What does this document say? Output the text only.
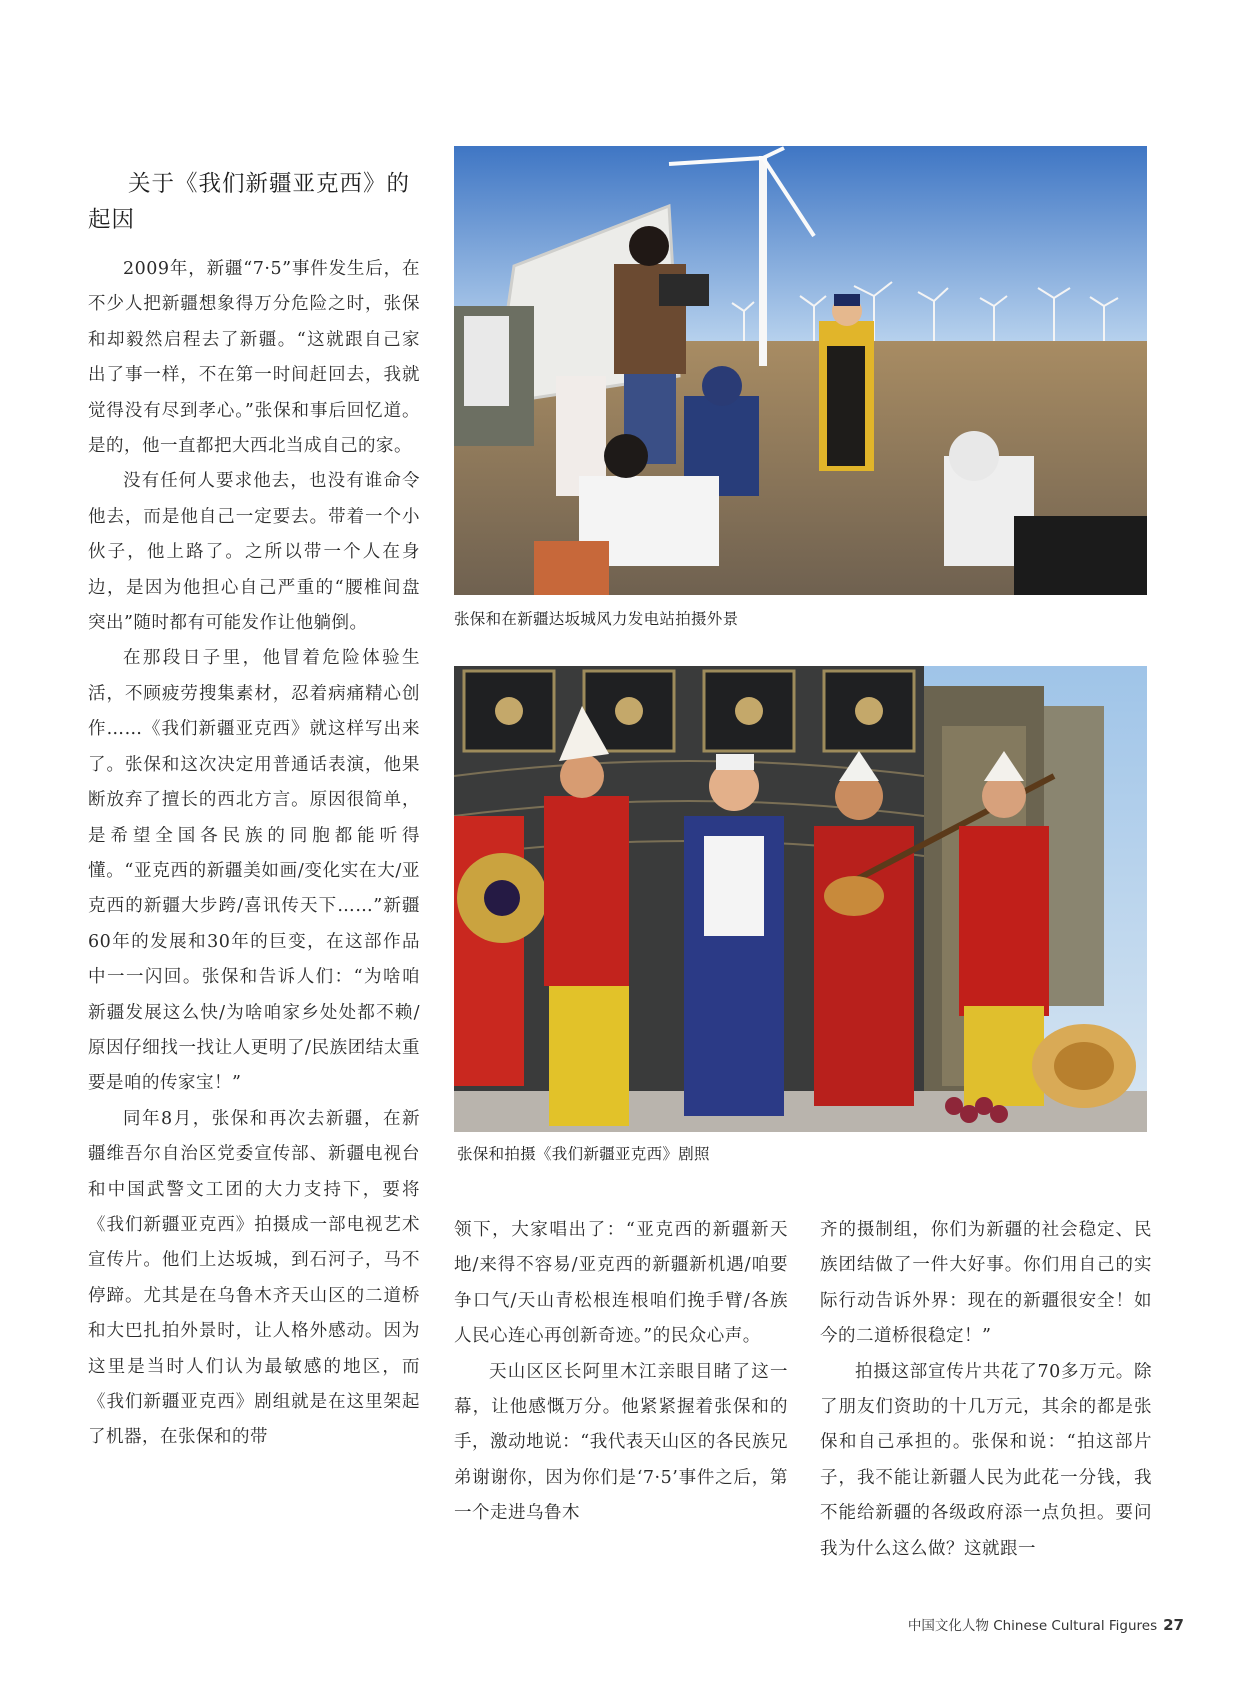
关于《我们新疆亚克西》的起因

2009年，新疆“7·5”事件发生后，在不少人把新疆想象得万分危险之时，张保和却毅然启程去了新疆。“这就跟自己家出了事一样，不在第一时间赶回去，我就觉得没有尽到孝心。”张保和事后回忆道。是的，他一直都把大西北当成自己的家。

没有任何人要求他去，也没有谁命令他去，而是他自己一定要去。带着一个小伙子，他上路了。之所以带一个人在身边，是因为他担心自己严重的“腰椎间盘突出”随时都有可能发作让他躺倒。

在那段日子里，他冒着危险体验生活，不顾疲劳搜集素材，忍着病痛精心创作……《我们新疆亚克西》就这样写出来了。张保和这次决定用普通话表演，他果断放弃了擅长的西北方言。原因很简单，是希望全国各民族的同胞都能听得懂。“亚克西的新疆美如画/变化实在大/亚克西的新疆大步跨/喜讯传天下……”新疆60年的发展和30年的巨变，在这部作品中一一闪回。张保和告诉人们：“为啥咱新疆发展这么快/为啥咱家乡处处都不赖/原因仔细找一找让人更明了/民族团结太重要是咱的传家宝！”

同年8月，张保和再次去新疆，在新疆维吾尔自治区党委宣传部、新疆电视台和中国武警文工团的大力支持下，要将《我们新疆亚克西》拍摄成一部电视艺术宣传片。他们上达坂城，到石河子，马不停蹄。尤其是在乌鲁木齐天山区的二道桥和大巴扎拍外景时，让人格外感动。因为这里是当时人们认为最敏感的地区，而《我们新疆亚克西》剧组就是在这里架起了机器，在张保和的带

领下，大家唱出了：“亚克西的新疆新天地/来得不容易/亚克西的新疆新机遇/咱要争口气/天山青松根连根咱们挽手臂/各族人民心连心再创新奇迹。”的民众心声。

天山区区长阿里木江亲眼目睹了这一幕，让他感慨万分。他紧紧握着张保和的手，激动地说：“我代表天山区的各民族兄弟谢谢你，因为你们是‘7·5’事件之后，第一个走进乌鲁木

齐的摄制组，你们为新疆的社会稳定、民族团结做了一件大好事。你们用自己的实际行动告诉外界：现在的新疆很安全！如今的二道桥很稳定！”

拍摄这部宣传片共花了70多万元。除了朋友们资助的十几万元，其余的都是张保和自己承担的。张保和说：“拍这部片子，我不能让新疆人民为此花一分钱，我不能给新疆的各级政府添一点负担。要问我为什么这么做？这就跟一

张保和在新疆达坂城风力发电站拍摄外景
张保和拍摄《我们新疆亚克西》剧照
中国文化人物 Chinese Cultural Figures 27
